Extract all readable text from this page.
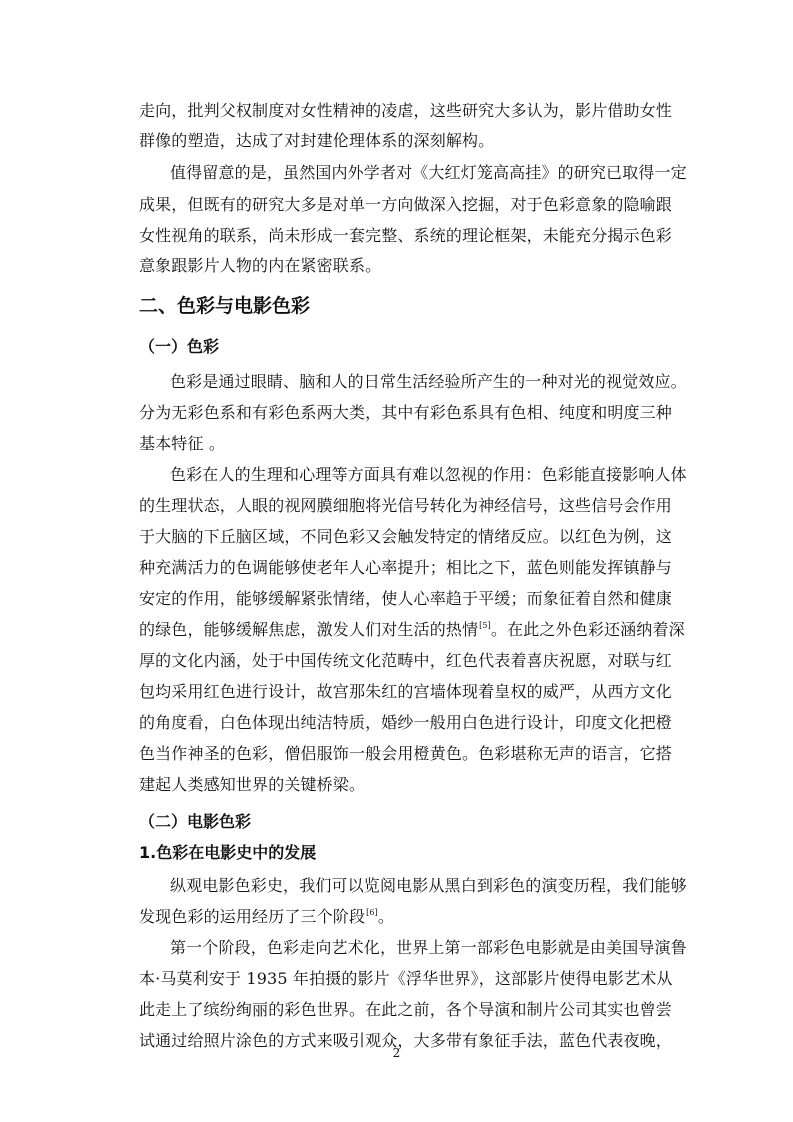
走向，批判父权制度对女性精神的凌虐，这些研究大多认为，影片借助女性
群像的塑造，达成了对封建伦理体系的深刻解构。
值得留意的是，虽然国内外学者对《大红灯笼高高挂》的研究已取得一定
成果，但既有的研究大多是对单一方向做深入挖掘，对于色彩意象的隐喻跟
女性视角的联系，尚未形成一套完整、系统的理论框架，未能充分揭示色彩
意象跟影片人物的内在紧密联系。
二、色彩与电影色彩
（一）色彩
色彩是通过眼睛、脑和人的日常生活经验所产生的一种对光的视觉效应。
分为无彩色系和有彩色系两大类，其中有彩色系具有色相、纯度和明度三种
基本特征 。
色彩在人的生理和心理等方面具有难以忽视的作用：色彩能直接影响人体
的生理状态，人眼的视网膜细胞将光信号转化为神经信号，这些信号会作用
于大脑的下丘脑区域，不同色彩又会触发特定的情绪反应。以红色为例，这
种充满活力的色调能够使老年人心率提升；相比之下，蓝色则能发挥镇静与
安定的作用，能够缓解紧张情绪，使人心率趋于平缓；而象征着自然和健康
的绿色，能够缓解焦虑，激发人们对生活的热情[5]。在此之外色彩还涵纳着深
厚的文化内涵，处于中国传统文化范畴中，红色代表着喜庆祝愿，对联与红
包均采用红色进行设计，故宫那朱红的宫墙体现着皇权的威严，从西方文化
的角度看，白色体现出纯洁特质，婚纱一般用白色进行设计，印度文化把橙
色当作神圣的色彩，僧侣服饰一般会用橙黄色。色彩堪称无声的语言，它搭
建起人类感知世界的关键桥梁。
（二）电影色彩
1.色彩在电影史中的发展
纵观电影色彩史，我们可以览阅电影从黑白到彩色的演变历程，我们能够
发现色彩的运用经历了三个阶段[6]。
第一个阶段，色彩走向艺术化，世界上第一部彩色电影就是由美国导演鲁
本·马莫利安于 1935 年拍摄的影片《浮华世界》，这部影片使得电影艺术从
此走上了缤纷绚丽的彩色世界。在此之前，各个导演和制片公司其实也曾尝
试通过给照片涂色的方式来吸引观众，大多带有象征手法，蓝色代表夜晚，
2
